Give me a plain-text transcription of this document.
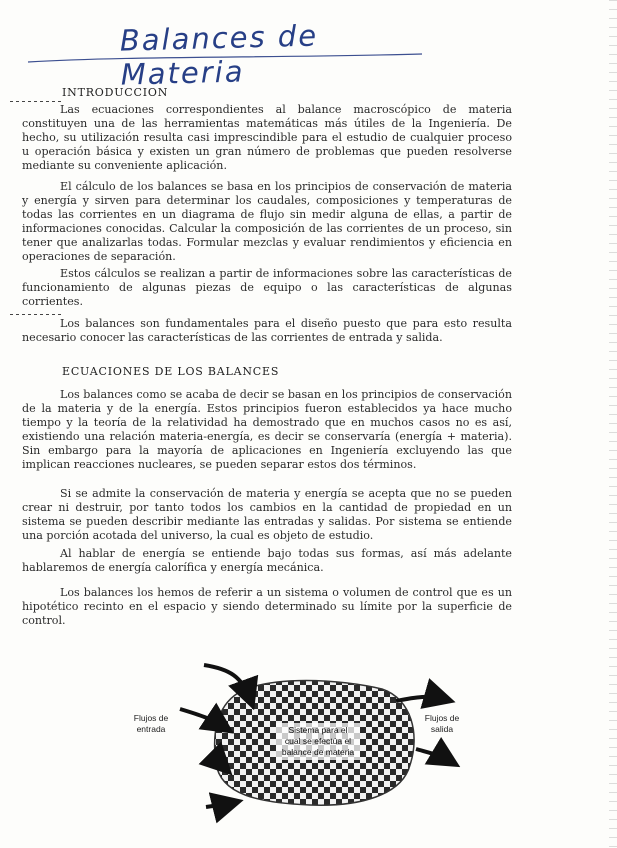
Balances de Materia
INTRODUCCION
Las ecuaciones correspondientes al balance macroscópico de materia constituyen una de las herramientas matemáticas más útiles de la Ingeniería. De hecho, su utilización resulta casi imprescindible para el estudio de cualquier proceso u operación básica y existen un gran número de problemas que pueden resolverse mediante su conveniente aplicación.
El cálculo de los balances se basa en los principios de conservación de materia y energía y sirven para determinar los caudales, composiciones y temperaturas de todas las corrientes en un diagrama de flujo sin medir alguna de ellas, a partir de informaciones conocidas. Calcular la composición de las corrientes de un proceso, sin tener que analizarlas todas. Formular mezclas y evaluar rendimientos y eficiencia en operaciones de separación.
Estos cálculos se realizan a partir de informaciones sobre las características de funcionamiento de algunas piezas de equipo o las características de algunas corrientes.
Los balances son fundamentales para el diseño puesto que para esto resulta necesario conocer las características de las corrientes de entrada y salida.
ECUACIONES DE LOS BALANCES
Los balances como se acaba de decir se basan en los principios de conservación de la materia y de la energía. Estos principios fueron establecidos ya hace mucho tiempo y la teoría de la relatividad ha demostrado que en muchos casos no es así, existiendo una relación materia-energía, es decir se conservaría (energía + materia). Sin embargo para la mayoría de aplicaciones en Ingeniería excluyendo las que implican reacciones nucleares, se pueden separar estos dos términos.
Si se admite la conservación de materia y energía se acepta que no se pueden crear ni destruir, por tanto todos los cambios en la cantidad de propiedad en un sistema se pueden describir mediante las entradas y salidas. Por sistema se entiende una porción acotada del universo, la cual es objeto de estudio.
Al hablar de energía se entiende bajo todas sus formas, así más adelante hablaremos de energía calorífica y energía mecánica.
Los balances los hemos de referir a un sistema o volumen de control que es un hipotético recinto en el espacio y siendo determinado su límite por la superficie de control.
Flujos de entrada	Sistema para el cual se efectúa el balance de materia
Flujos de salida
